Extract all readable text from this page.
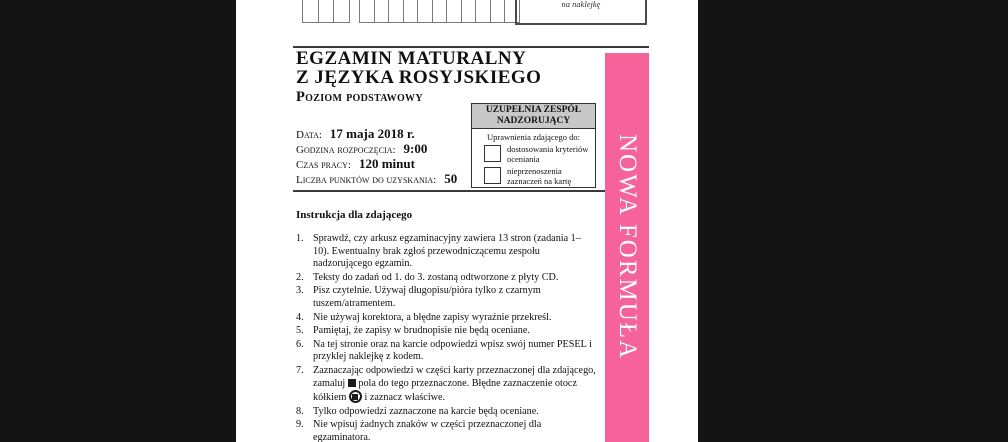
na naklejkę
EGZAMIN MATURALNY
Z JĘZYKA ROSYJSKIEGO
Poziom podstawowy
NOWA FORMUŁA
UZUPEŁNIA ZESPÓŁ
NADZORUJĄCY
Uprawnienia zdającego do:
dostosowania kryteriów oceniania
nieprzenoszenia zaznaczeń na kartę
Data: 17 maja 2018 r.
Godzina rozpoczęcia: 9:00
Czas pracy: 120 minut
Liczba punktów do uzyskania: 50
Instrukcja dla zdającego
1. Sprawdź, czy arkusz egzaminacyjny zawiera 13 stron (zadania 1–10). Ewentualny brak zgłoś przewodniczącemu zespołu nadzorującego egzamin.
2. Teksty do zadań od 1. do 3. zostaną odtworzone z płyty CD.
3. Pisz czytelnie. Używaj długopisu/pióra tylko z czarnym tuszem/atramentem.
4. Nie używaj korektora, a błędne zapisy wyraźnie przekreśl.
5. Pamiętaj, że zapisy w brudnopisie nie będą oceniane.
6. Na tej stronie oraz na karcie odpowiedzi wpisz swój numer PESEL i przyklej naklejkę z kodem.
7. Zaznaczając odpowiedzi w części karty przeznaczonej dla zdającego, zamaluj pola do tego przeznaczone. Błędne zaznaczenie otocz kółkiem i zaznacz właściwe.
8. Tylko odpowiedzi zaznaczone na karcie będą oceniane.
9. Nie wpisuj żadnych znaków w części przeznaczonej dla egzaminatora.
